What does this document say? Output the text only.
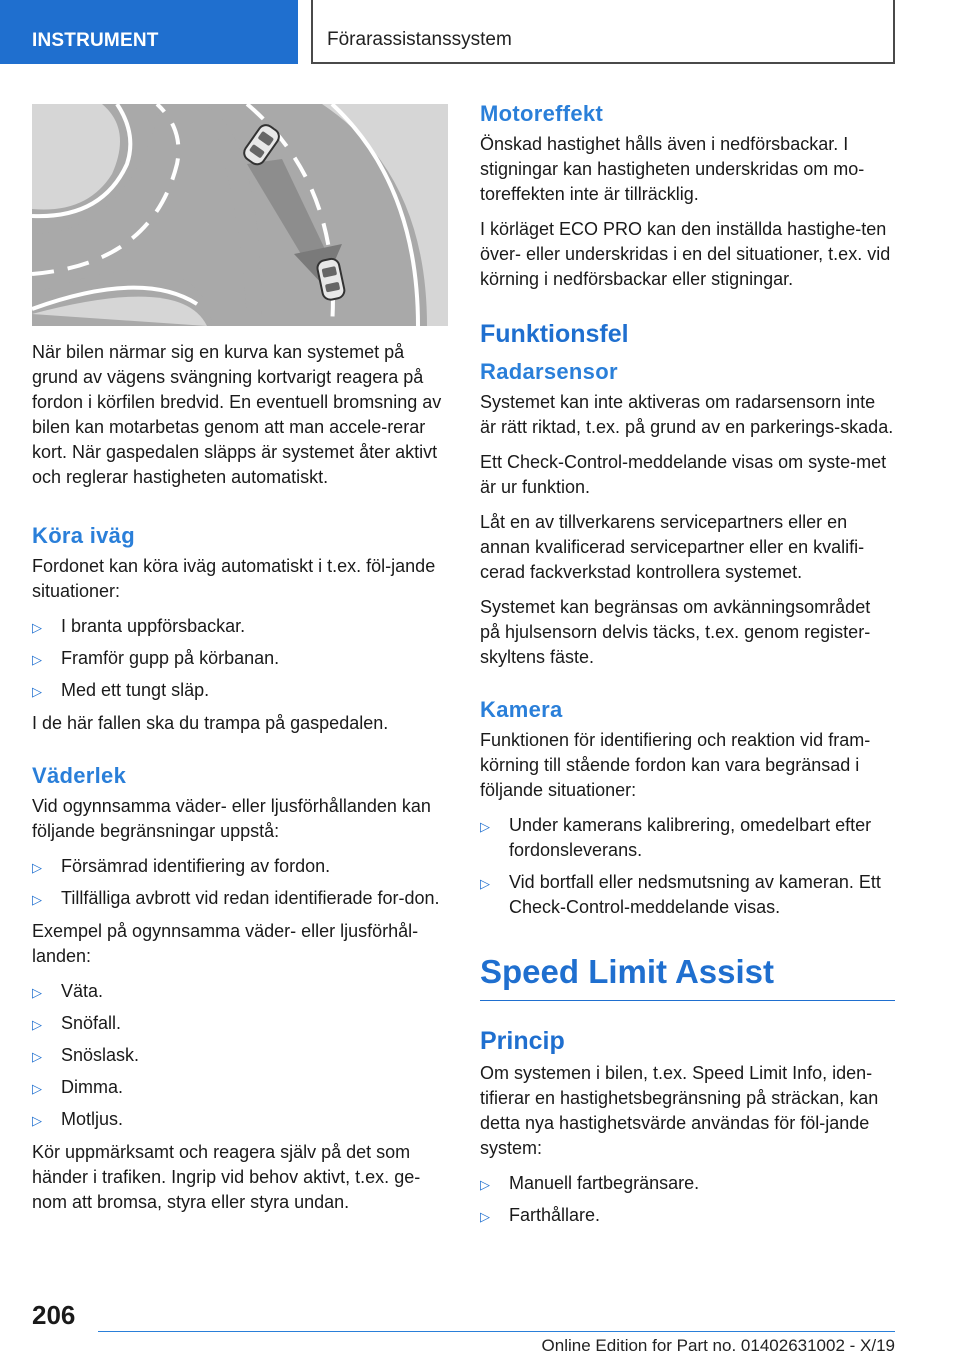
INSTRUMENT	Förarassistanssystem

När bilen närmar sig en kurva kan systemet på grund av vägens svängning kortvarigt reagera på fordon i körfilen bredvid. En eventuell bromsning av bilen kan motarbetas genom att man accele-rerar kort. När gaspedalen släpps är systemet åter aktivt och reglerar hastigheten automatiskt.

Köra iväg

Fordonet kan köra iväg automatiskt i t.ex. föl-jande situationer:

▷ I branta uppförsbackar.
▷ Framför gupp på körbanan.
▷ Med ett tungt släp.

I de här fallen ska du trampa på gaspedalen.

Väderlek

Vid ogynnsamma väder- eller ljusförhållanden kan följande begränsningar uppstå:

▷ Försämrad identifiering av fordon.
▷ Tillfälliga avbrott vid redan identifierade for-don.

Exempel på ogynnsamma väder- eller ljusförhål-landen:

▷ Väta.
▷ Snöfall.
▷ Snöslask.
▷ Dimma.
▷ Motljus.

Kör uppmärksamt och reagera själv på det som händer i trafiken. Ingrip vid behov aktivt, t.ex. ge-nom att bromsa, styra eller styra undan.

Motoreffekt

Önskad hastighet hålls även i nedförsbackar. I stigningar kan hastigheten underskridas om mo-toreffekten inte är tillräcklig.

I körläget ECO PRO kan den inställda hastighe-ten över- eller underskridas i en del situationer, t.ex. vid körning i nedförsbackar eller stigningar.

Funktionsfel
Radarsensor

Systemet kan inte aktiveras om radarsensorn inte är rätt riktad, t.ex. på grund av en parkerings-skada.

Ett Check-Control-meddelande visas om syste-met är ur funktion.

Låt en av tillverkarens servicepartners eller en annan kvalificerad servicepartner eller en kvalifi-cerad fackverkstad kontrollera systemet.

Systemet kan begränsas om avkänningsområdet på hjulsensorn delvis täcks, t.ex. genom register-skyltens fäste.

Kamera

Funktionen för identifiering och reaktion vid fram-körning till stående fordon kan vara begränsad i följande situationer:

▷ Under kamerans kalibrering, omedelbart efter fordonsleverans.
▷ Vid bortfall eller nedsmutsning av kameran. Ett Check-Control-meddelande visas.
Speed Limit Assist
Princip

Om systemen i bilen, t.ex. Speed Limit Info, iden-tifierar en hastighetsbegränsning på sträckan, kan detta nya hastighetsvärde användas för föl-jande system:

▷ Manuell fartbegränsare.
▷ Farthållare.
206
Online Edition for Part no. 01402631002 - X/19
